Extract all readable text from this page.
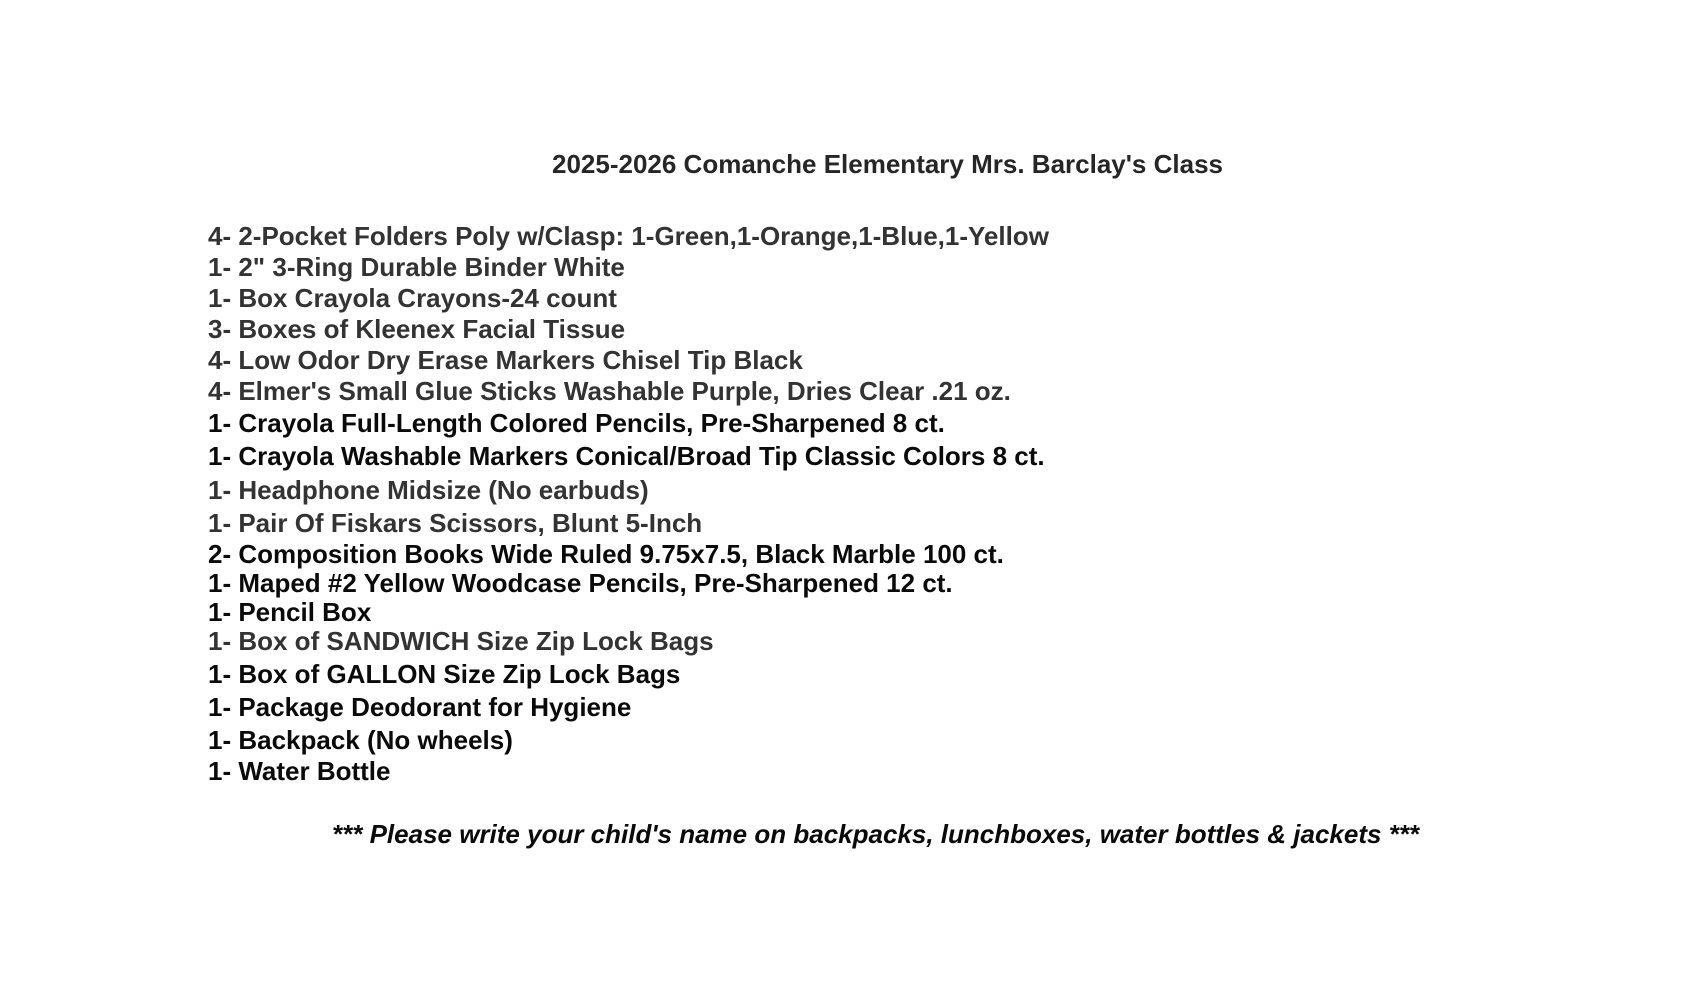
2025-2026 Comanche Elementary Mrs. Barclay's Class
4- 2-Pocket Folders Poly w/Clasp: 1-Green,1-Orange,1-Blue,1-Yellow
1- 2" 3-Ring Durable Binder White
1- Box Crayola Crayons-24 count
3- Boxes of Kleenex Facial Tissue
4- Low Odor Dry Erase Markers Chisel Tip Black
4- Elmer's Small Glue Sticks Washable Purple, Dries Clear .21 oz.
1- Crayola Full-Length Colored Pencils, Pre-Sharpened 8 ct.
1- Crayola Washable Markers Conical/Broad Tip Classic Colors 8 ct.
1- Headphone Midsize (No earbuds)
1- Pair Of Fiskars Scissors, Blunt 5-Inch
2- Composition Books Wide Ruled 9.75x7.5, Black Marble 100 ct.
1- Maped #2 Yellow Woodcase Pencils, Pre-Sharpened 12 ct.
1- Pencil Box
1- Box of SANDWICH Size Zip Lock Bags
1- Box of GALLON Size Zip Lock Bags
1- Package Deodorant for Hygiene
1- Backpack (No wheels)
1- Water Bottle
*** Please write your child's name on backpacks, lunchboxes, water bottles & jackets ***
